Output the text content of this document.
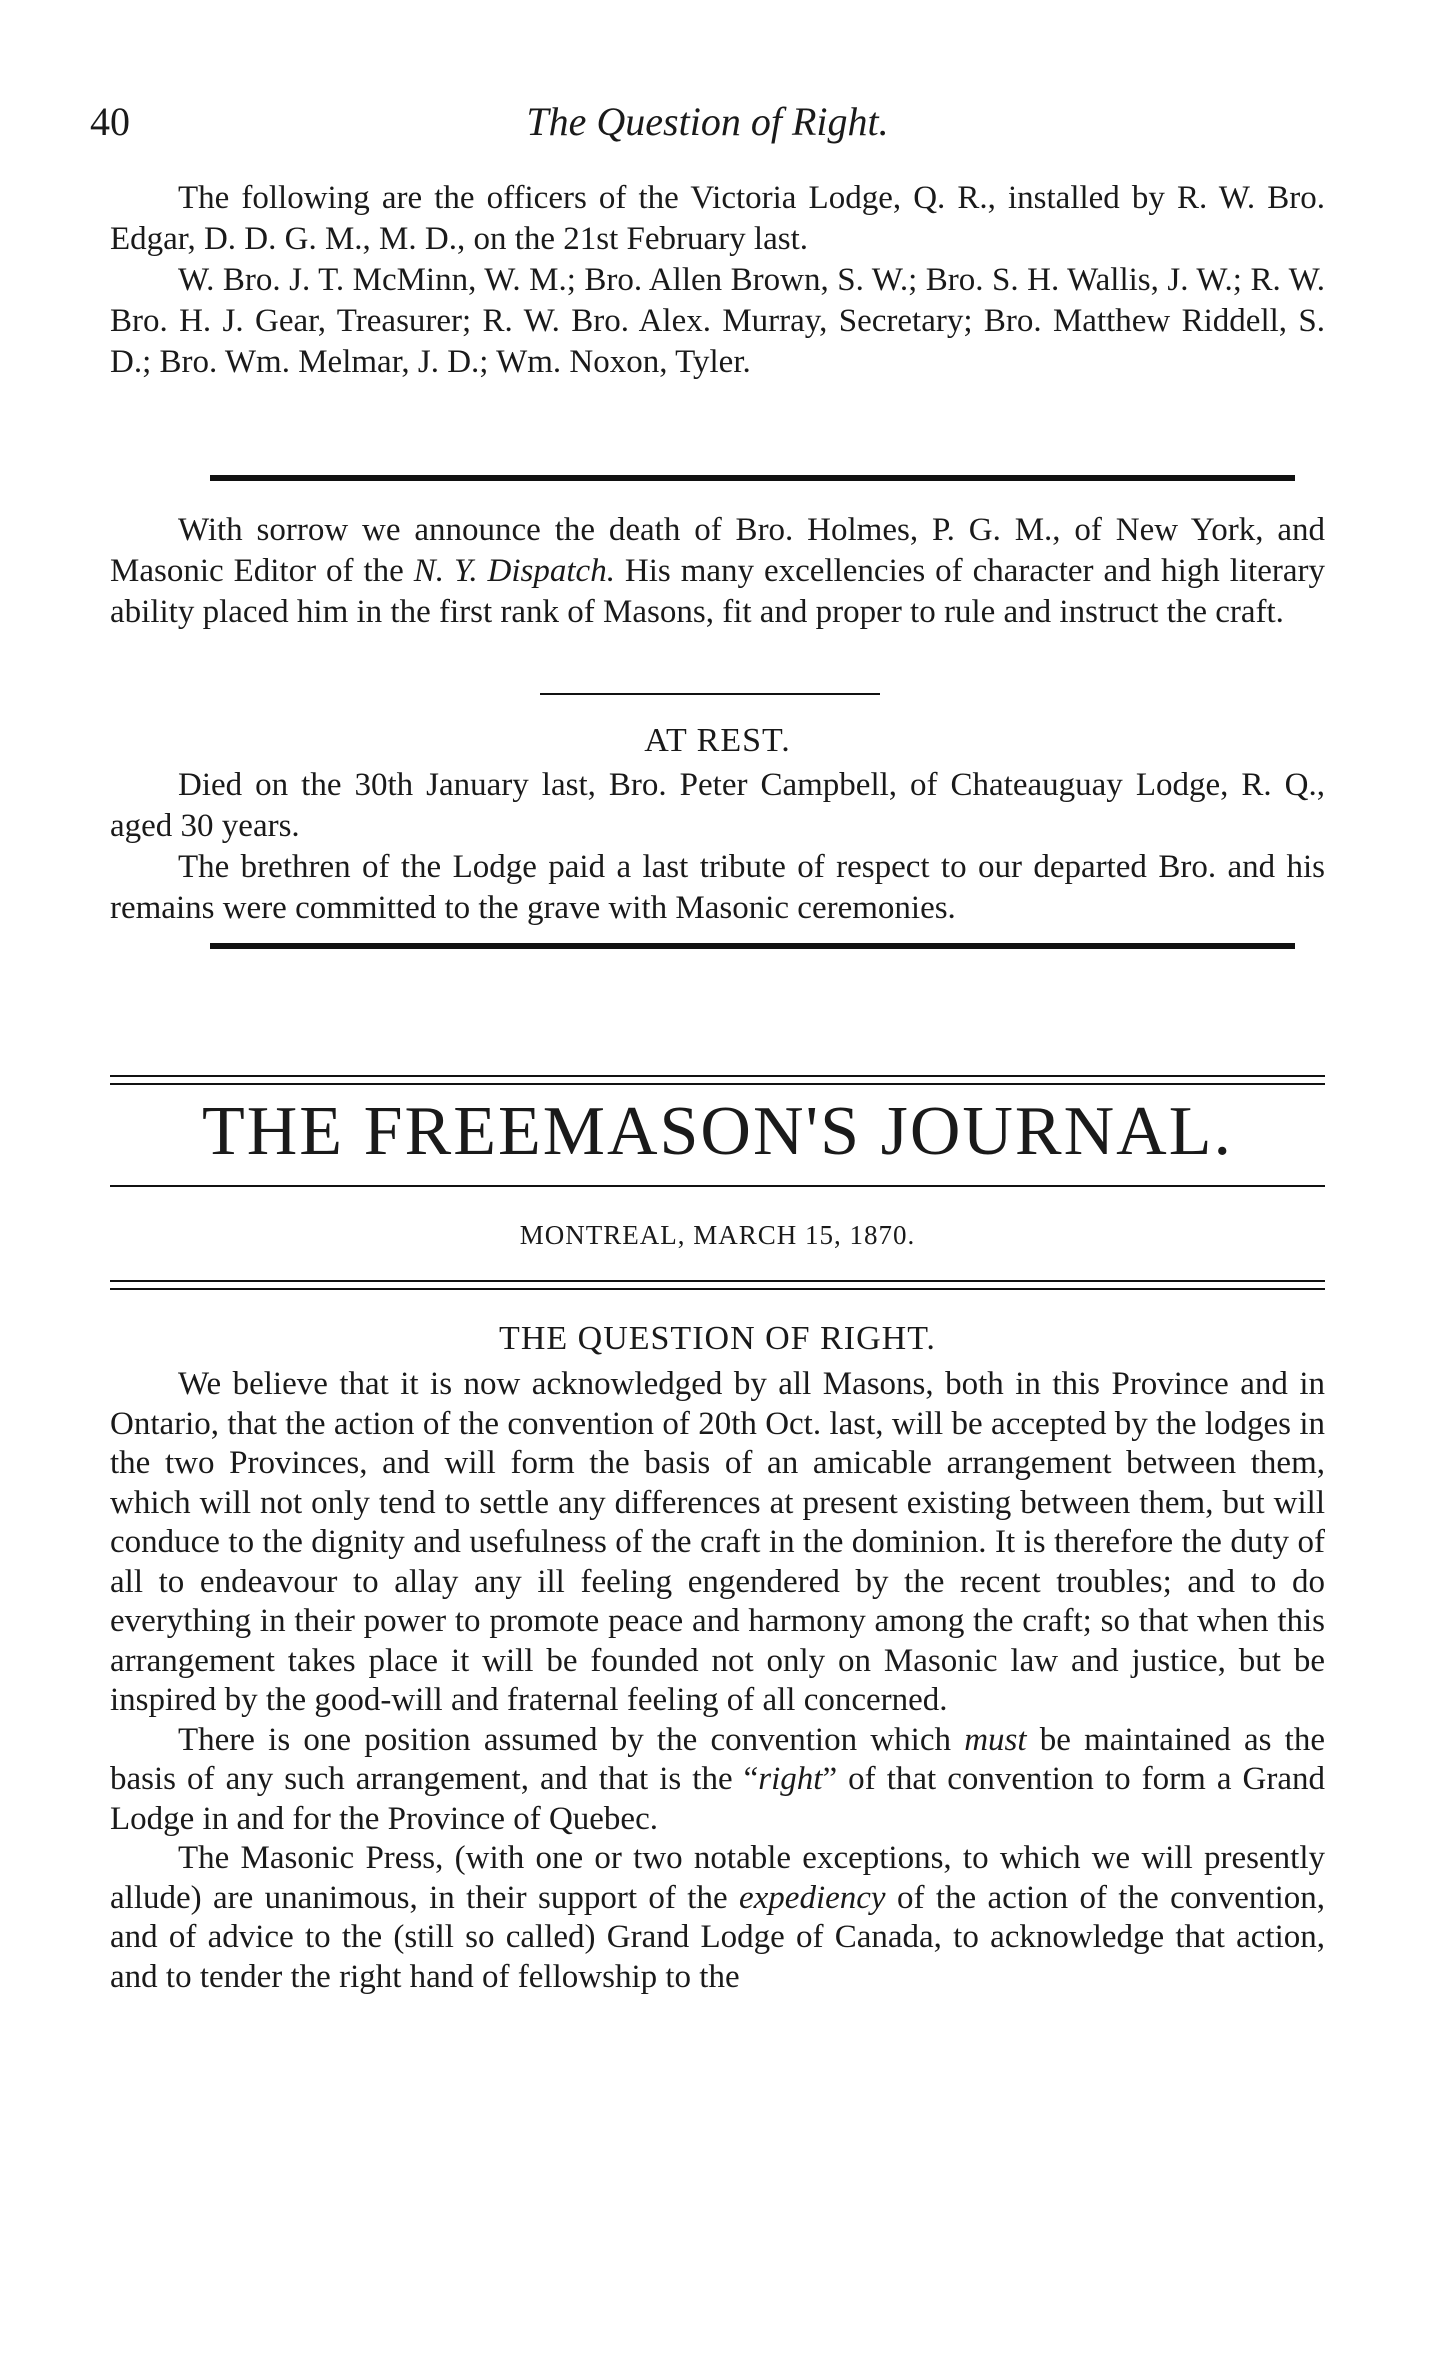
40	The Question of Right.

The following are the officers of the Victoria Lodge, Q. R., installed by R. W. Bro. Edgar, D. D. G. M., M. D., on the 21st February last.

W. Bro. J. T. McMinn, W. M.; Bro. Allen Brown, S. W.; Bro. S. H. Wallis, J. W.; R. W. Bro. H. J. Gear, Treasurer; R. W. Bro. Alex. Murray, Secretary; Bro. Matthew Riddell, S. D.; Bro. Wm. Melmar, J. D.; Wm. Noxon, Tyler.

With sorrow we announce the death of Bro. Holmes, P. G. M., of New York, and Masonic Editor of the N. Y. Dispatch. His many excellencies of character and high literary ability placed him in the first rank of Masons, fit and proper to rule and instruct the craft.

AT REST.

Died on the 30th January last, Bro. Peter Campbell, of Chateauguay Lodge, R. Q., aged 30 years.

The brethren of the Lodge paid a last tribute of respect to our departed Bro. and his remains were committed to the grave with Masonic ceremonies.

THE FREEMASON'S JOURNAL.
MONTREAL, MARCH 15, 1870.
THE QUESTION OF RIGHT.

We believe that it is now acknowledged by all Masons, both in this Province and in Ontario, that the action of the convention of 20th Oct. last, will be accepted by the lodges in the two Provinces, and will form the basis of an amicable arrangement between them, which will not only tend to settle any differences at present existing between them, but will conduce to the dignity and usefulness of the craft in the dominion. It is therefore the duty of all to endeavour to allay any ill feeling engendered by the recent troubles; and to do everything in their power to promote peace and harmony among the craft; so that when this arrangement takes place it will be founded not only on Masonic law and justice, but be inspired by the good-will and fraternal feeling of all concerned.

There is one position assumed by the convention which must be maintained as the basis of any such arrangement, and that is the “right” of that convention to form a Grand Lodge in and for the Province of Quebec.

The Masonic Press, (with one or two notable exceptions, to which we will presently allude) are unanimous, in their support of the expediency of the action of the convention, and of advice to the (still so called) Grand Lodge of Canada, to acknowledge that action, and to tender the right hand of fellowship to the
